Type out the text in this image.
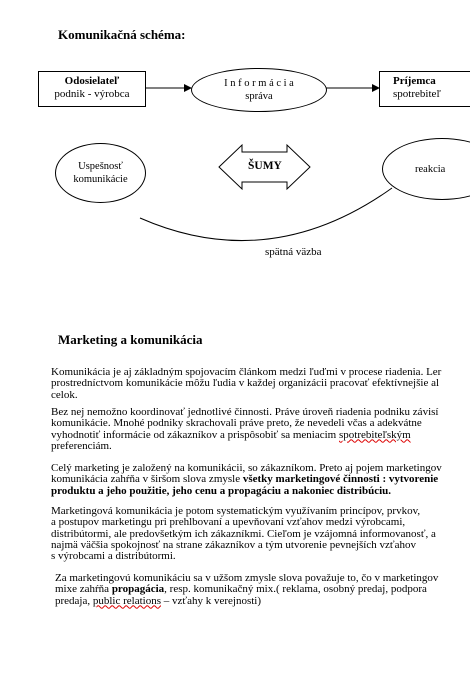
Komunikačná schéma:
Odosielateľ
podnik - výrobca
I n f o r m á c i a
správa
Príjemca
spotrebiteľ
Uspešnosť
komunikácie
ŠUMY	reakcia
spätná väzba
Marketing a komunikácia
Komunikácia je aj základným spojovacím článkom medzi ľuďmi v procese riadenia. Ler
prostredníctvom komunikácie môžu ľudia v každej organizácii pracovať efektívnejšie al
celok.
Bez nej nemožno koordinovať jednotlivé činnosti. Práve úroveň riadenia podniku závisí
komunikácie. Mnohé podniky skrachovali práve preto, že nevedeli včas a adekvátne
vyhodnotiť informácie od zákazníkov a prispôsobiť sa meniacim spotrebiteľským
preferenciám.
Celý marketing je založený na komunikácii, so zákazníkom. Preto aj pojem marketingov
komunikácia zahŕňa v širšom slova zmysle všetky marketingové činnosti : vytvorenie
produktu a jeho použitie, jeho cenu a propagáciu a nakoniec distribúciu.
Marketingová komunikácia je potom systematickým využívaním princípov, prvkov,
a postupov marketingu pri prehlbovaní a upevňovaní vzťahov medzi výrobcami,
distribútormi, ale predovšetkým ich zákazníkmi. Cieľom je vzájomná informovanosť, a
najmä väčšia spokojnosť na strane zákazníkov a tým utvorenie pevnejších vzťahov
s výrobcami a distribútormi.
Za marketingovú komunikáciu sa v užšom zmysle slova považuje to, čo v marketingov
mixe zahŕňa propagácia, resp. komunikačný mix.( reklama, osobný predaj, podpora
predaja, public relations – vzťahy k verejnosti)
